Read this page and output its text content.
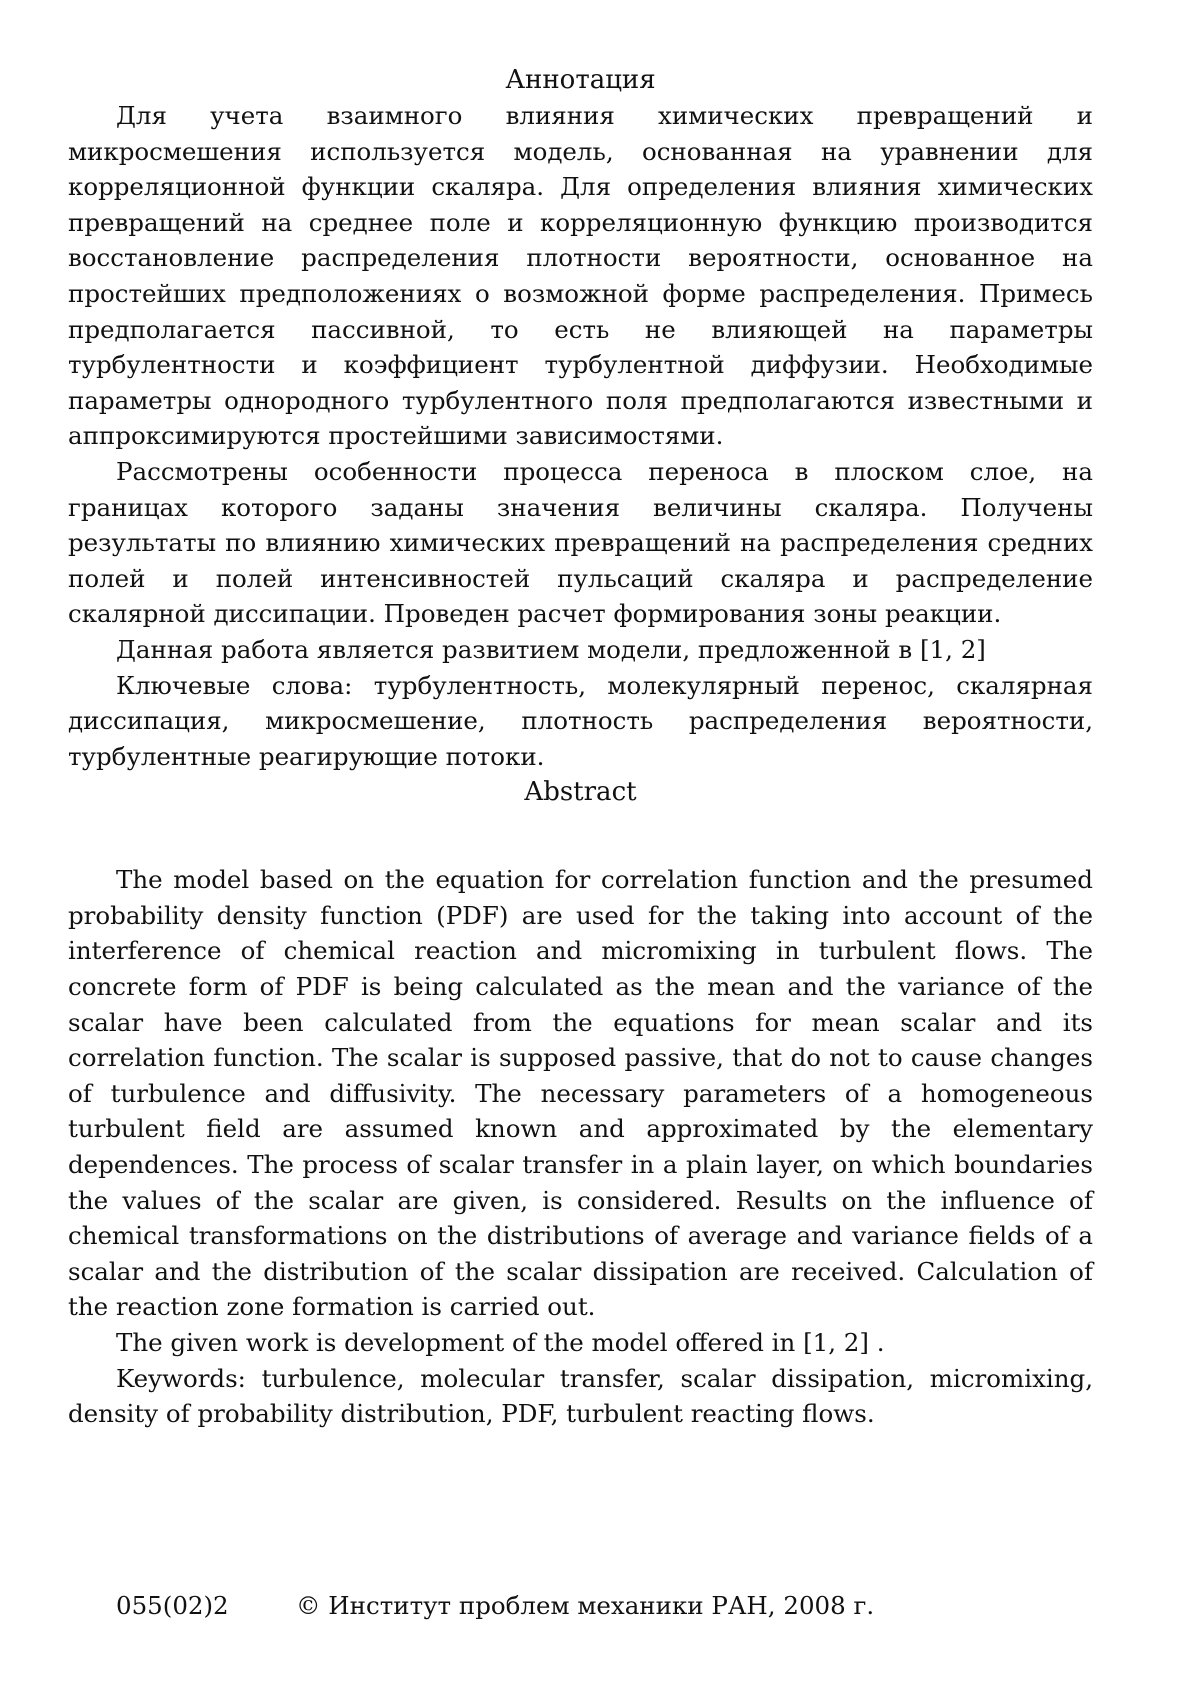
Аннотация

Для учета взаимного влияния химических превращений и микросмешения используется модель, основанная на уравнении для корреляционной функции скаляра. Для определения влияния химических превращений на среднее поле и корреляционную функцию производится восстановление распределения плотности вероятности, основанное на простейших предположениях о возможной форме распределения. Примесь предполагается пассивной, то есть не влияющей на параметры турбулентности и коэффициент турбулентной диффузии. Необходимые параметры однородного турбулентного поля предполагаются известными и аппроксимируются простейшими зависимостями.

Рассмотрены особенности процесса переноса в плоском слое, на границах которого заданы значения величины скаляра. Получены результаты по влиянию химических превращений на распределения средних полей и полей интенсивностей пульсаций скаляра и распределение скалярной диссипации. Проведен расчет формирования зоны реакции.

Данная работа является развитием модели, предложенной в [1, 2]

Ключевые слова: турбулентность, молекулярный перенос, скалярная диссипация, микросмешение, плотность распределения вероятности, турбулентные реагирующие потоки.

Abstract

The model based on the equation for correlation function and the presumed probability density function (PDF) are used for the taking into account of the interference of chemical reaction and micromixing in turbulent flows. The concrete form of PDF is being calculated as the mean and the variance of the scalar have been calculated from the equations for mean scalar and its correlation function. The scalar is supposed passive, that do not to cause changes of turbulence and diffusivity. The necessary parameters of a homogeneous turbulent field are assumed known and approximated by the elementary dependences. The process of scalar transfer in a plain layer, on which boundaries the values of the scalar are given, is considered. Results on the influence of chemical transformations on the distributions of average and variance fields of a scalar and the distribution of the scalar dissipation are received. Calculation of the reaction zone formation is carried out.

The given work is development of the model offered in [1, 2] .

Keywords: turbulence, molecular transfer, scalar dissipation, micromixing, density of probability distribution, PDF, turbulent reacting flows.

055(02)2	© Институт проблем механики РАН, 2008 г.
